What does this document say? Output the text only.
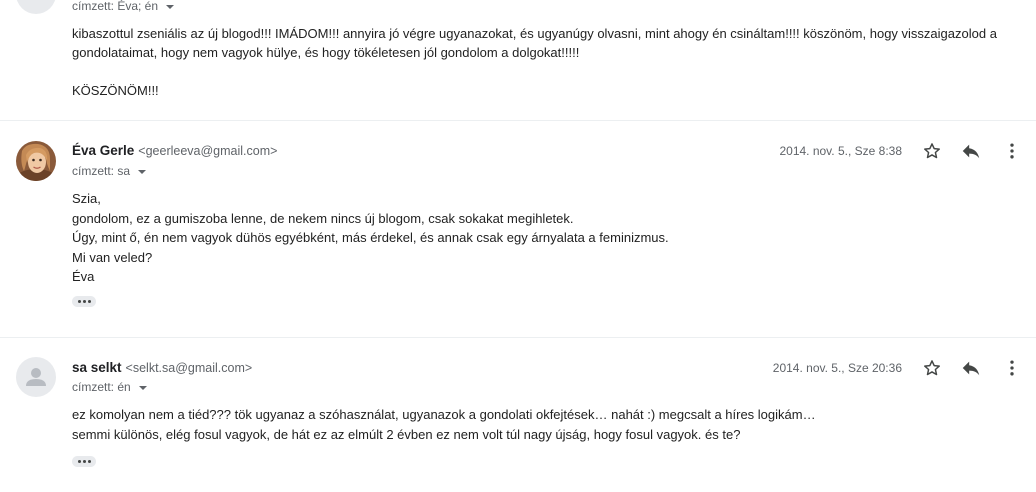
címzett: Éva; én

kibaszottul zseniális az új blogod!!! IMÁDOM!!! annyira jó végre ugyanazokat, és ugyanúgy olvasni, mint ahogy én csináltam!!!! köszönöm, hogy visszaigazolod a

gondolataimat, hogy nem vagyok hülye, és hogy tökéletesen jól gondolom a dolgokat!!!!!

KÖSZÖNÖM!!!

Éva Gerle <geerleeva@gmail.com>
címzett: sa
2014. nov. 5., Sze 8:38

Szia,

gondolom, ez a gumiszoba lenne, de nekem nincs új blogom, csak sokakat megihletek.

Úgy, mint ő, én nem vagyok dühös egyébként, más érdekel, és annak csak egy árnyalata a feminizmus.

Mi van veled?

Éva

sa selkt <selkt.sa@gmail.com>
címzett: én
2014. nov. 5., Sze 20:36

ez komolyan nem a tiéd??? tök ugyanaz a szóhasználat, ugyanazok a gondolati okfejtések… nahát :) megcsalt a híres logikám…

semmi különös, elég fosul vagyok, de hát ez az elmúlt 2 évben ez nem volt túl nagy újság, hogy fosul vagyok. és te?
